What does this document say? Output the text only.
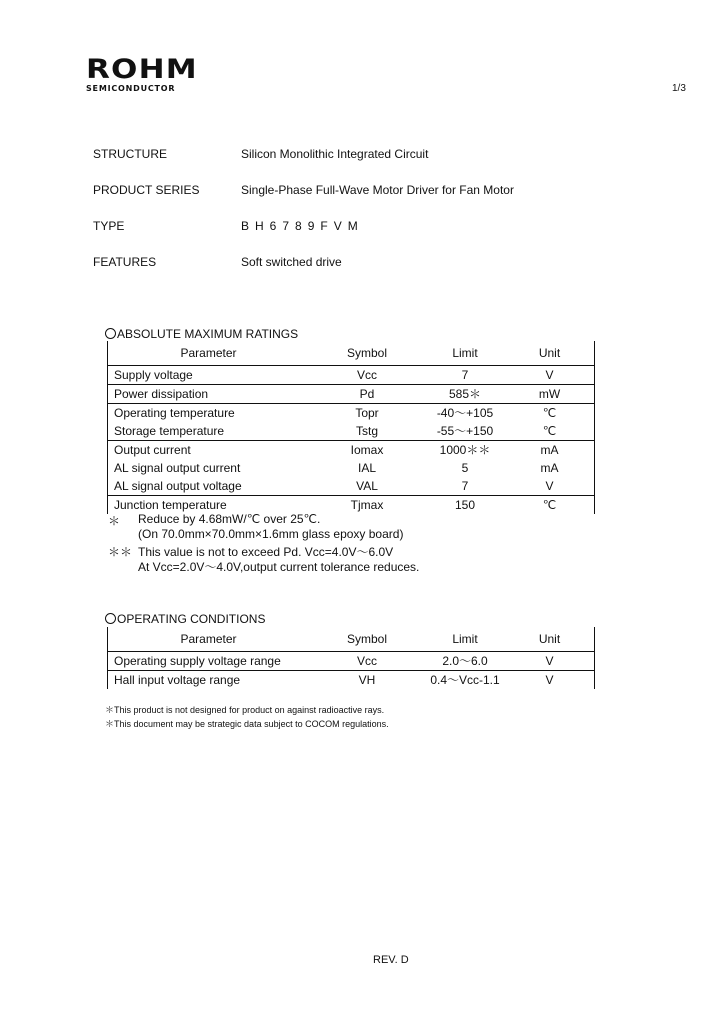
ROHM
SEMICONDUCTOR	1/3
STRUCTURE	Silicon Monolithic Integrated Circuit
PRODUCT SERIES	Single-Phase Full-Wave Motor Driver for Fan Motor
TYPE	BH6789FVM
FEATURES	Soft switched drive
ABSOLUTE MAXIMUM RATINGS
Parameter	Symbol	Limit	Unit
Supply voltage	Vcc	7	V
Power dissipation	Pd	585＊	mW
Operating temperature	Topr	-40～+105	℃
Storage temperature	Tstg	-55～+150	℃
Output current	Iomax	1000＊＊	mA
AL signal output current	IAL	5	mA
AL signal output voltage	VAL	7	V
Junction temperature	Tjmax	150	℃
＊ Reduce by 4.68mW/℃ over 25℃.
(On 70.0mm×70.0mm×1.6mm glass epoxy board)
＊＊ This value is not to exceed Pd. Vcc=4.0V～6.0V
At Vcc=2.0V～4.0V,output current tolerance reduces.
OPERATING CONDITIONS
Parameter	Symbol	Limit	Unit
Operating supply voltage range	Vcc	2.0～6.0	V
Hall input voltage range	VH	0.4～Vcc-1.1	V
＊This product is not designed for product on against radioactive rays.
＊This document may be strategic data subject to COCOM regulations.
REV. D
